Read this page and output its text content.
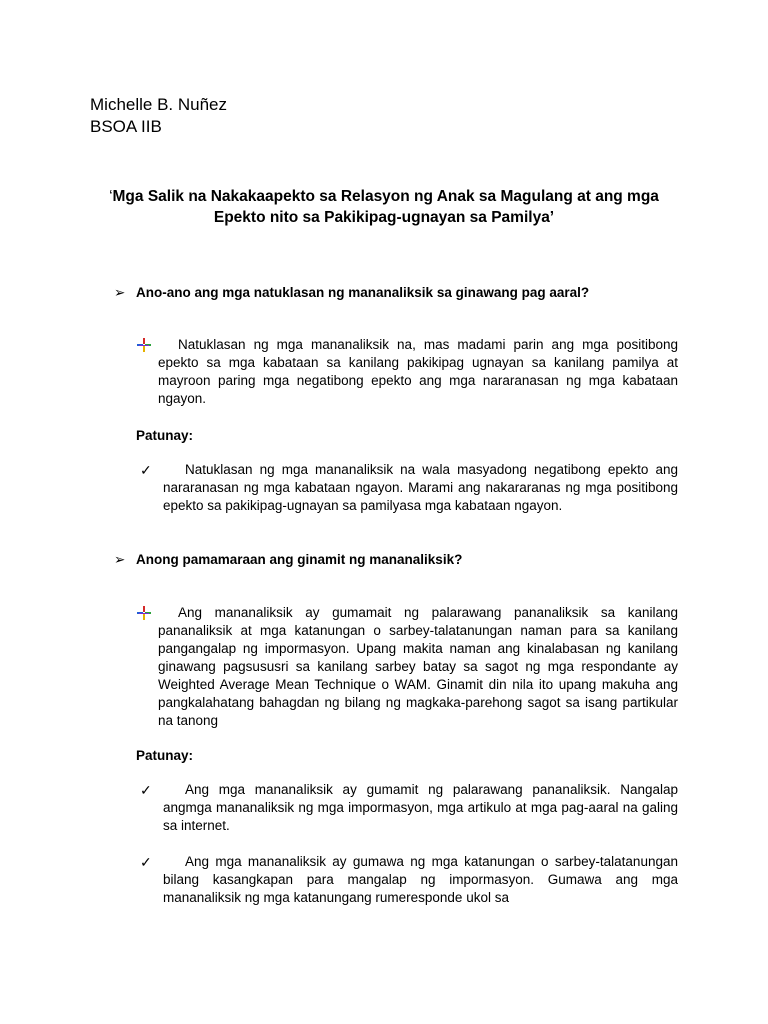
Michelle B. Nuñez
BSOA IIB
‘Mga Salik na Nakakaapekto sa Relasyon ng Anak sa Magulang at ang mga Epekto nito sa Pakikipag-ugnayan sa Pamilya’
➢ Ano-ano ang mga natuklasan ng mananaliksik sa ginawang pag aaral?
Natuklasan ng mga mananaliksik na, mas madami parin ang mga positibong epekto sa mga kabataan sa kanilang pakikipag ugnayan sa kanilang pamilya at mayroon paring mga negatibong epekto ang mga nararanasan ng mga kabataan ngayon.
Patunay:
✓	Natuklasan ng mga mananaliksik na wala masyadong negatibong epekto ang nararanasan ng mga kabataan ngayon. Marami ang nakararanas ng mga positibong epekto sa pakikipag-ugnayan sa pamilyasa mga kabataan ngayon.
➢ Anong pamamaraan ang ginamit ng mananaliksik?
Ang mananaliksik ay gumamait ng palarawang pananaliksik sa kanilang pananaliksik at mga katanungan o sarbey-talatanungan naman para sa kanilang pangangalap ng impormasyon. Upang makita naman ang kinalabasan ng kanilang ginawang pagsususri sa kanilang sarbey batay sa sagot ng mga respondante ay Weighted Average Mean Technique o WAM. Ginamit din nila ito upang makuha ang pangkalahatang bahagdan ng bilang ng magkaka-parehong sagot sa isang partikular na tanong
Patunay:
✓	Ang mga mananaliksik ay gumamit ng palarawang pananaliksik. Nangalap angmga mananaliksik ng mga impormasyon, mga artikulo at mga pag-aaral na galing sa internet.
✓	Ang mga mananaliksik ay gumawa ng mga katanungan o sarbey-talatanungan bilang kasangkapan para mangalap ng impormasyon. Gumawa ang mga mananaliksik ng mga katanungang rumeresponde ukol sa
